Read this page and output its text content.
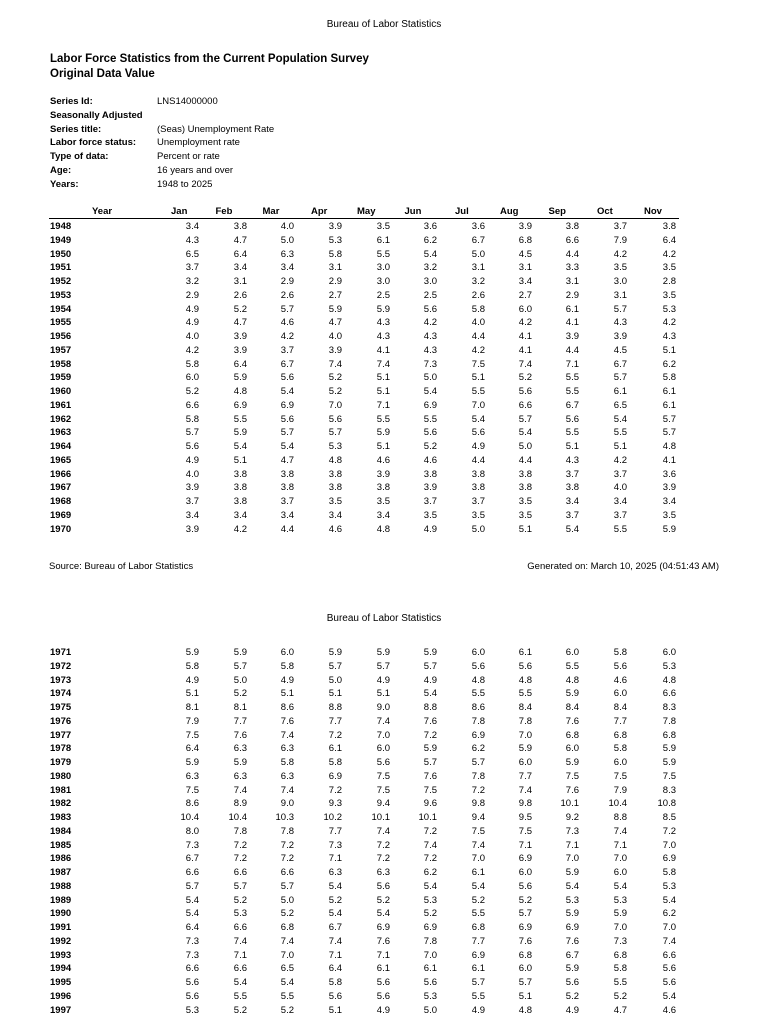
Bureau of Labor Statistics
Labor Force Statistics from the Current Population Survey
Original Data Value
Series Id:	LNS14000000
Seasonally Adjusted
Series title:	(Seas) Unemployment Rate
Labor force status:	Unemployment rate
Type of data:	Percent or rate
Age:	16 years and over
Years:	1948 to 2025
Year	Jan	Feb	Mar	Apr	May	Jun	Jul	Aug	Sep	Oct	Nov
1948	3.4	3.8	4.0	3.9	3.5	3.6	3.6	3.9	3.8	3.7	3.8
1949	4.3	4.7	5.0	5.3	6.1	6.2	6.7	6.8	6.6	7.9	6.4
1950	6.5	6.4	6.3	5.8	5.5	5.4	5.0	4.5	4.4	4.2	4.2
1951	3.7	3.4	3.4	3.1	3.0	3.2	3.1	3.1	3.3	3.5	3.5
1952	3.2	3.1	2.9	2.9	3.0	3.0	3.2	3.4	3.1	3.0	2.8
1953	2.9	2.6	2.6	2.7	2.5	2.5	2.6	2.7	2.9	3.1	3.5
1954	4.9	5.2	5.7	5.9	5.9	5.6	5.8	6.0	6.1	5.7	5.3
1955	4.9	4.7	4.6	4.7	4.3	4.2	4.0	4.2	4.1	4.3	4.2
1956	4.0	3.9	4.2	4.0	4.3	4.3	4.4	4.1	3.9	3.9	4.3
1957	4.2	3.9	3.7	3.9	4.1	4.3	4.2	4.1	4.4	4.5	5.1
1958	5.8	6.4	6.7	7.4	7.4	7.3	7.5	7.4	7.1	6.7	6.2
1959	6.0	5.9	5.6	5.2	5.1	5.0	5.1	5.2	5.5	5.7	5.8
1960	5.2	4.8	5.4	5.2	5.1	5.4	5.5	5.6	5.5	6.1	6.1
1961	6.6	6.9	6.9	7.0	7.1	6.9	7.0	6.6	6.7	6.5	6.1
1962	5.8	5.5	5.6	5.6	5.5	5.5	5.4	5.7	5.6	5.4	5.7
1963	5.7	5.9	5.7	5.7	5.9	5.6	5.6	5.4	5.5	5.5	5.7
1964	5.6	5.4	5.4	5.3	5.1	5.2	4.9	5.0	5.1	5.1	4.8
1965	4.9	5.1	4.7	4.8	4.6	4.6	4.4	4.4	4.3	4.2	4.1
1966	4.0	3.8	3.8	3.8	3.9	3.8	3.8	3.8	3.7	3.7	3.6
1967	3.9	3.8	3.8	3.8	3.8	3.9	3.8	3.8	3.8	4.0	3.9
1968	3.7	3.8	3.7	3.5	3.5	3.7	3.7	3.5	3.4	3.4	3.4
1969	3.4	3.4	3.4	3.4	3.4	3.5	3.5	3.5	3.7	3.7	3.5
1970	3.9	4.2	4.4	4.6	4.8	4.9	5.0	5.1	5.4	5.5	5.9
Source: Bureau of Labor Statistics	Generated on: March 10, 2025 (04:51:43 AM)
Bureau of Labor Statistics
1971	5.9	5.9	6.0	5.9	5.9	5.9	6.0	6.1	6.0	5.8	6.0
1972	5.8	5.7	5.8	5.7	5.7	5.7	5.6	5.6	5.5	5.6	5.3
1973	4.9	5.0	4.9	5.0	4.9	4.9	4.8	4.8	4.8	4.6	4.8
1974	5.1	5.2	5.1	5.1	5.1	5.4	5.5	5.5	5.9	6.0	6.6
1975	8.1	8.1	8.6	8.8	9.0	8.8	8.6	8.4	8.4	8.4	8.3
1976	7.9	7.7	7.6	7.7	7.4	7.6	7.8	7.8	7.6	7.7	7.8
1977	7.5	7.6	7.4	7.2	7.0	7.2	6.9	7.0	6.8	6.8	6.8
1978	6.4	6.3	6.3	6.1	6.0	5.9	6.2	5.9	6.0	5.8	5.9
1979	5.9	5.9	5.8	5.8	5.6	5.7	5.7	6.0	5.9	6.0	5.9
1980	6.3	6.3	6.3	6.9	7.5	7.6	7.8	7.7	7.5	7.5	7.5
1981	7.5	7.4	7.4	7.2	7.5	7.5	7.2	7.4	7.6	7.9	8.3
1982	8.6	8.9	9.0	9.3	9.4	9.6	9.8	9.8	10.1	10.4	10.8
1983	10.4	10.4	10.3	10.2	10.1	10.1	9.4	9.5	9.2	8.8	8.5
1984	8.0	7.8	7.8	7.7	7.4	7.2	7.5	7.5	7.3	7.4	7.2
1985	7.3	7.2	7.2	7.3	7.2	7.4	7.4	7.1	7.1	7.1	7.0
1986	6.7	7.2	7.2	7.1	7.2	7.2	7.0	6.9	7.0	7.0	6.9
1987	6.6	6.6	6.6	6.3	6.3	6.2	6.1	6.0	5.9	6.0	5.8
1988	5.7	5.7	5.7	5.4	5.6	5.4	5.4	5.6	5.4	5.4	5.3
1989	5.4	5.2	5.0	5.2	5.2	5.3	5.2	5.2	5.3	5.3	5.4
1990	5.4	5.3	5.2	5.4	5.4	5.2	5.5	5.7	5.9	5.9	6.2
1991	6.4	6.6	6.8	6.7	6.9	6.9	6.8	6.9	6.9	7.0	7.0
1992	7.3	7.4	7.4	7.4	7.6	7.8	7.7	7.6	7.6	7.3	7.4
1993	7.3	7.1	7.0	7.1	7.1	7.0	6.9	6.8	6.7	6.8	6.6
1994	6.6	6.6	6.5	6.4	6.1	6.1	6.1	6.0	5.9	5.8	5.6
1995	5.6	5.4	5.4	5.8	5.6	5.6	5.7	5.7	5.6	5.5	5.6
1996	5.6	5.5	5.5	5.6	5.6	5.3	5.5	5.1	5.2	5.2	5.4
1997	5.3	5.2	5.2	5.1	4.9	5.0	4.9	4.8	4.9	4.7	4.6
